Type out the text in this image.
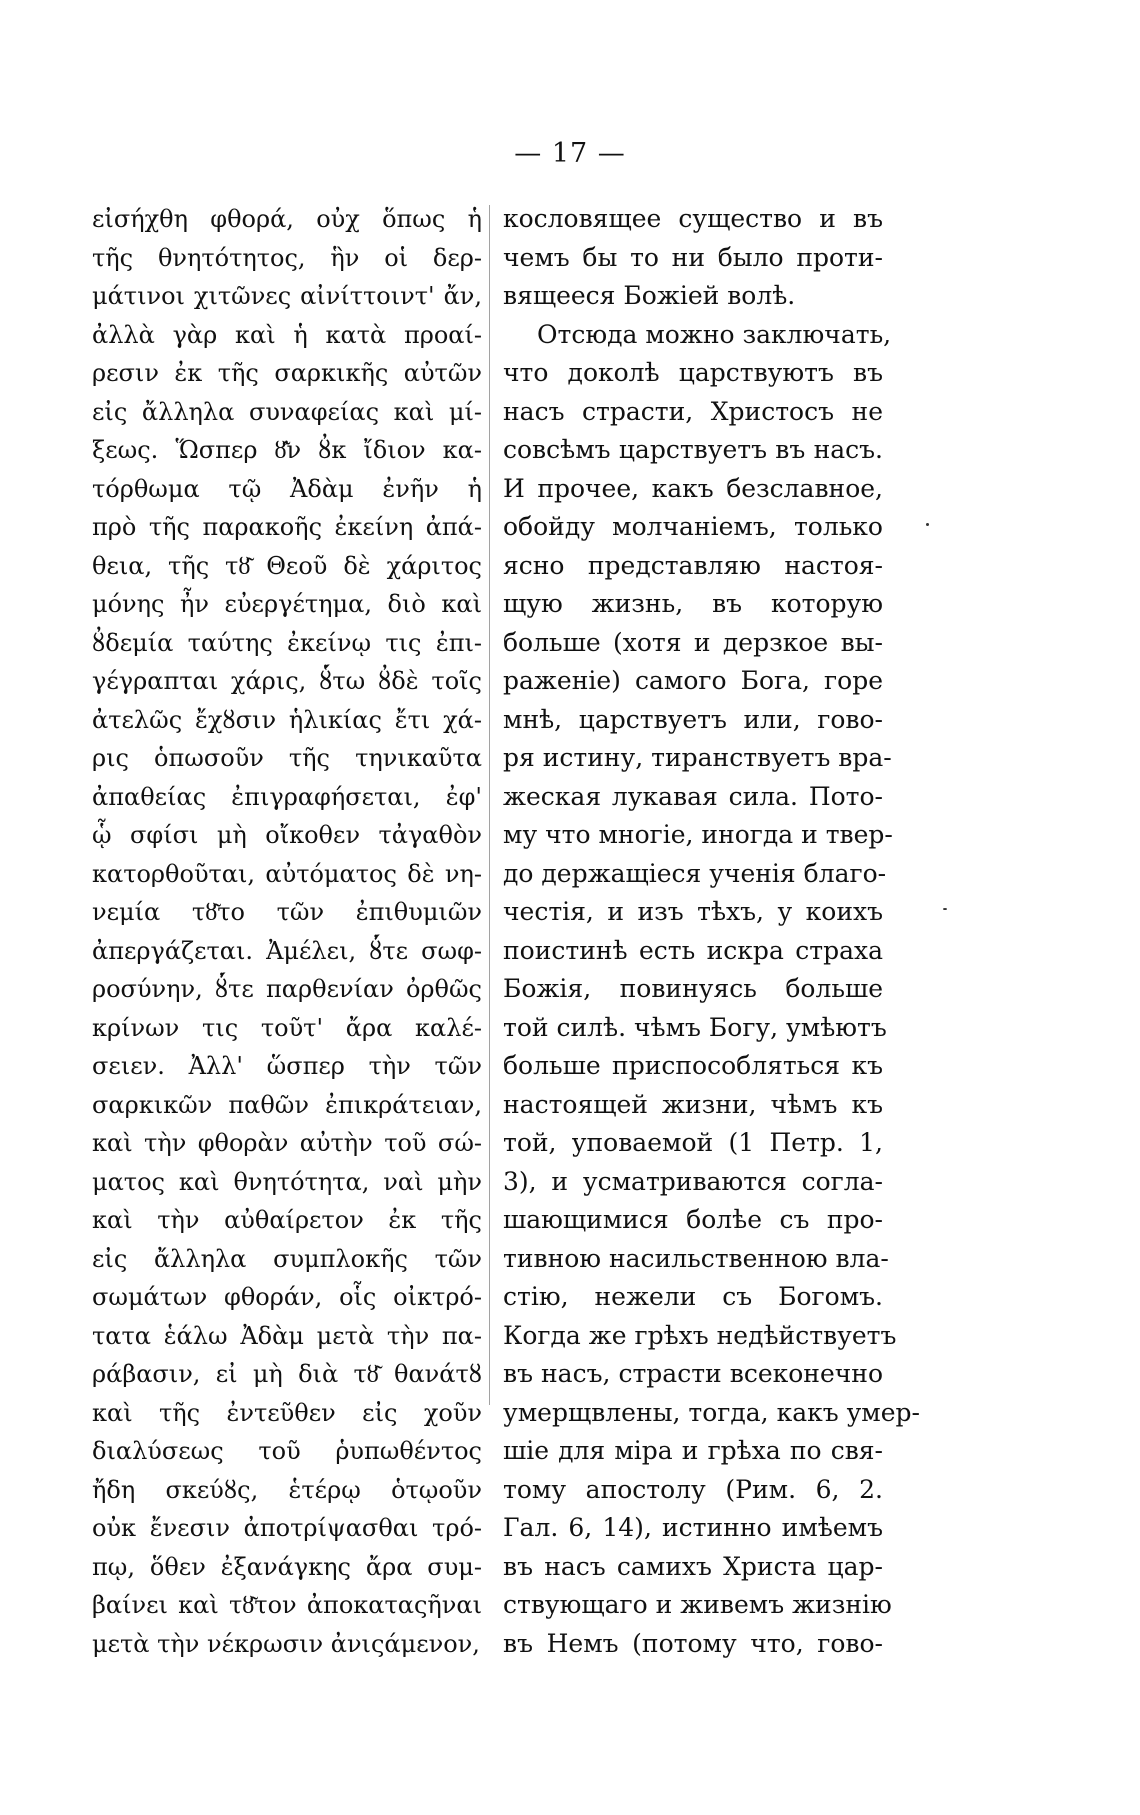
— 17 —
εἰσήχθη φθορά, οὐχ ὅπως ἡ
τῆς θνητότητος, ἣν οἱ δερ-
μάτινοι χιτῶνες αἰνίττοιντ' ἄν,
ἀλλὰ γὰρ καὶ ἡ κατὰ προαί-
ρεσιν ἐκ τῆς σαρκικῆς αὐτῶν
εἰς ἄλληλα συναφείας καὶ μί-
ξεως. Ὥσπερ ȣ̓͂ν ȣ̓κ ἴδιον κα-
τόρθωμα τῷ Ἀδὰμ ἐνῆν ἡ
πρὸ τῆς παρακοῆς ἐκείνη ἀπά-
θεια, τῆς τȣ͂ Θεοῦ δὲ χάριτος
μόνης ἦν εὐεργέτημα, διὸ καὶ
ȣ̓δεμία ταύτης ἐκείνῳ τις ἐπι-
γέγραπται χάρις, ȣ̔́τω ȣ̓δὲ τοῖς
ἀτελῶς ἔχȣσιν ἡλικίας ἔτι χά-
ρις ὁπωσοῦν τῆς τηνικαῦτα
ἀπαθείας ἐπιγραφήσεται, ἐφ'
ᾧ σφίσι μὴ οἴκοθεν τἀγαθὸν
κατορθοῦται, αὐτόματος δὲ νη-
νεμία τȣ͂το τῶν ἐπιθυμιῶν
ἀπεργάζεται. Ἀμέλει, ȣ̓́τε σωφ-
ροσύνην, ȣ̓́τε παρθενίαν ὀρθῶς
κρίνων τις τοῦτ' ἄρα καλέ-
σειεν. Ἀλλ' ὥσπερ τὴν τῶν
σαρκικῶν παθῶν ἐπικράτειαν,
καὶ τὴν φθορὰν αὐτὴν τοῦ σώ-
ματος καὶ θνητότητα, ναὶ μὴν
καὶ τὴν αὐθαίρετον ἐκ τῆς
εἰς ἄλληλα συμπλοκῆς τῶν
σωμάτων φθοράν, οἷς οἰκτρό-
τατα ἑάλω Ἀδὰμ μετὰ τὴν πα-
ράβασιν, εἰ μὴ διὰ τȣ͂ θανάτȣ
καὶ τῆς ἐντεῦθεν εἰς χοῦν
διαλύσεως τοῦ ῥυπωθέντος
ἤδη σκεύȣς, ἑτέρῳ ὁτῳοῦν
οὐκ ἔνεσιν ἀποτρίψασθαι τρό-
πῳ, ὅθεν ἐξανάγκης ἄρα συμ-
βαίνει καὶ τȣ͂τον ἀποκαταςῆναι
μετὰ τὴν νέκρωσιν ἀνιςάμενον,
кословящее существо и въ
чемъ бы то ни было проти-
вящееся Божіей волѣ.
Отсюда можно заключать,
что доколѣ царствуютъ въ
насъ страсти, Христосъ не
совсѣмъ царствуетъ въ насъ.
И прочее, какъ безславное,
обойду молчаніемъ, только
ясно представляю настоя-
щую жизнь, въ которую
больше (хотя и дерзкое вы-
раженіе) самого Бога, горе
мнѣ, царствуетъ или, гово-
ря истину, тиранствуетъ вра-
жеская лукавая сила. Пото-
му что многіе, иногда и твер-
до держащіеся ученія благо-
честія, и изъ тѣхъ, у коихъ
поистинѣ есть искра страха
Божія, повинуясь больше
той силѣ. чѣмъ Богу, умѣютъ
больше приспособляться къ
настоящей жизни, чѣмъ къ
той, уповаемой (1 Петр. 1,
3), и усматриваются согла-
шающимися болѣе съ про-
тивною насильственною вла-
стію, нежели съ Богомъ.
Когда же грѣхъ недѣйствуетъ
въ насъ, страсти всеконечно
умерщвлены, тогда, какъ умер-
шіе для міра и грѣха по свя-
тому апостолу (Рим. 6, 2.
Гал. 6, 14), истинно имѣемъ
въ насъ самихъ Христа цар-
ствующаго и живемъ жизнію
въ Немъ (потому что, гово-
